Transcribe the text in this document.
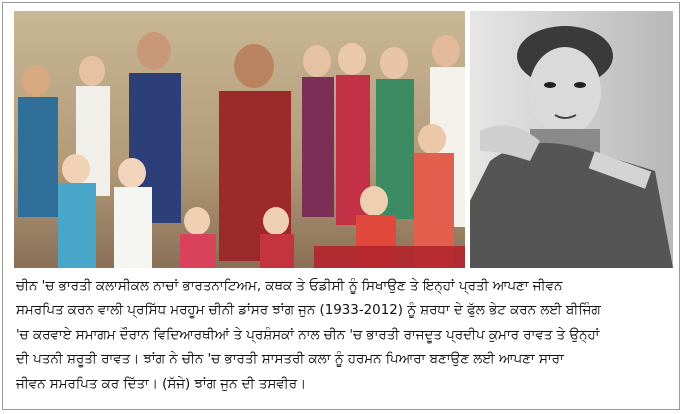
ਚੀਨ 'ਚ ਭਾਰਤੀ ਕਲਾਸੀਕਲ ਨਾਚਾਂ ਭਾਰਤਨਾਟਿਅਮ, ਕਥਕ ਤੇ ਓਡੀਸੀ ਨੂੰ ਸਿਖਾਉਣ ਤੇ ਇਨ੍ਹਾਂ ਪ੍ਰਤੀ ਆਪਣਾ ਜੀਵਨ
ਸਮਰਪਿਤ ਕਰਨ ਵਾਲੀ ਪ੍ਰਸਿੱਧ ਮਰਹੂਮ ਚੀਨੀ ਡਾਂਸਰ ਝਾਂਗ ਜੁਨ (1933-2012) ਨੂੰ ਸ਼ਰਧਾ ਦੇ ਫੁੱਲ ਭੇਟ ਕਰਨ ਲਈ ਬੀਜਿੰਗ
'ਚ ਕਰਵਾਏ ਸਮਾਗਮ ਦੌਰਾਨ ਵਿਦਿਆਰਥੀਆਂ ਤੇ ਪ੍ਰਸ਼ੰਸਕਾਂ ਨਾਲ ਚੀਨ 'ਚ ਭਾਰਤੀ ਰਾਜਦੂਤ ਪ੍ਰਦੀਪ ਕੁਮਾਰ ਰਾਵਤ ਤੇ ਉਨ੍ਹਾਂ
ਦੀ ਪਤਨੀ ਸ਼ਰੂਤੀ ਰਾਵਤ। ਝਾਂਗ ਨੇ ਚੀਨ 'ਚ ਭਾਰਤੀ ਸ਼ਾਸਤਰੀ ਕਲਾ ਨੂੰ ਹਰਮਨ ਪਿਆਰਾ ਬਣਾਉਣ ਲਈ ਆਪਣਾ ਸਾਰਾ
ਜੀਵਨ ਸਮਰਪਿਤ ਕਰ ਦਿੱਤਾ। (ਸੱਜੇ) ਝਾਂਗ ਜੁਨ ਦੀ ਤਸਵੀਰ।
